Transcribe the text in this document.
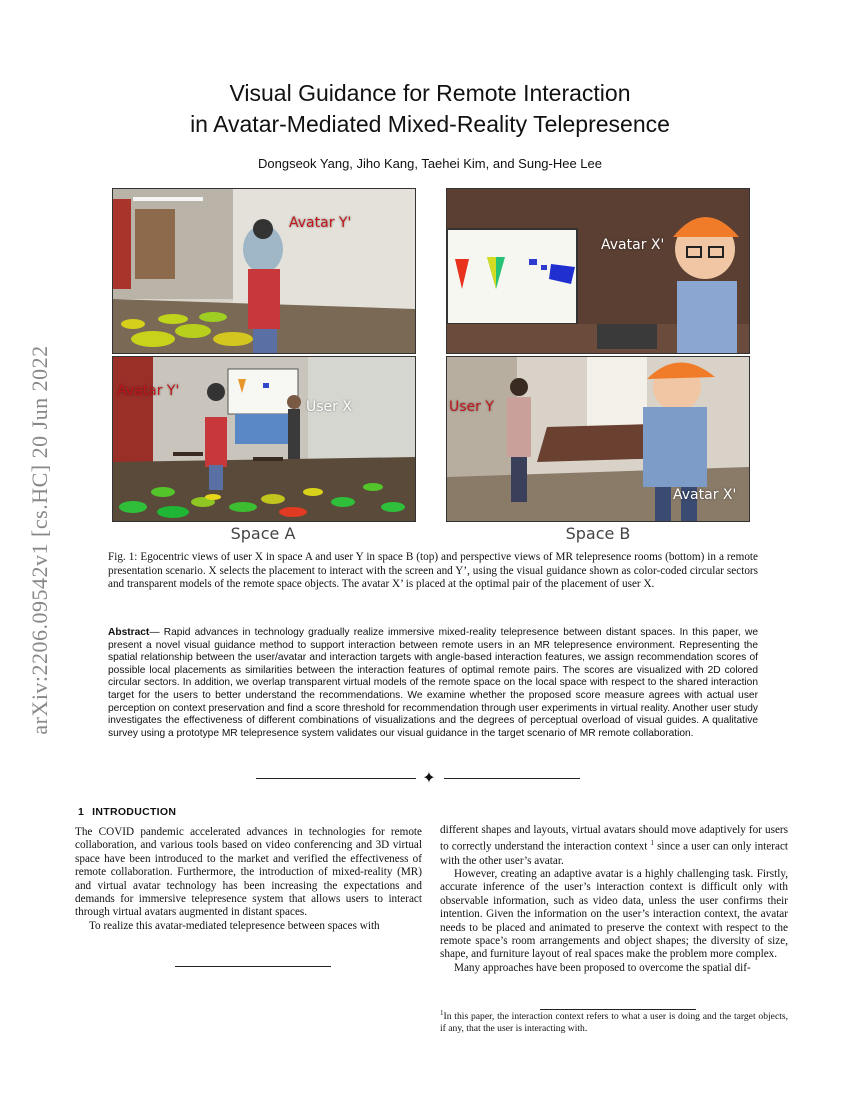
arXiv:2206.09542v1 [cs.HC] 20 Jun 2022
Visual Guidance for Remote Interaction
in Avatar-Mediated Mixed-Reality Telepresence
Dongseok Yang, Jiho Kang, Taehei Kim, and Sung-Hee Lee
Avatar Y'
Avatar X'
Avatar Y'
User X	User Y
Avatar X'
Space A	Space B
Fig. 1: Egocentric views of user X in space A and user Y in space B (top) and perspective views of MR telepresence rooms (bottom) in a remote presentation scenario. X selects the placement to interact with the screen and Y’, using the visual guidance shown as color-coded circular sectors and transparent models of the remote space objects. The avatar X’ is placed at the optimal pair of the placement of user X.
Abstract— Rapid advances in technology gradually realize immersive mixed-reality telepresence between distant spaces. In this paper, we present a novel visual guidance method to support interaction between remote users in an MR telepresence environment. Representing the spatial relationship between the user/avatar and interaction targets with angle-based interaction features, we assign recommendation scores of possible local placements as similarities between the interaction features of optimal remote pairs. The scores are visualized with 2D colored circular sectors. In addition, we overlap transparent virtual models of the remote space on the local space with respect to the shared interaction target for the users to better understand the recommendations. We examine whether the proposed score measure agrees with actual user perception on context preservation and find a score threshold for recommendation through user experiments in virtual reality. Another user study investigates the effectiveness of different combinations of visualizations and the degrees of perceptual overload of visual guides. A qualitative survey using a prototype MR telepresence system validates our visual guidance in the target scenario of MR remote collaboration.
✦
1 INTRODUCTION

The COVID pandemic accelerated advances in technologies for remote collaboration, and various tools based on video conferencing and 3D virtual space have been introduced to the market and verified the effectiveness of remote collaboration. Furthermore, the introduction of mixed-reality (MR) and virtual avatar technology has been increasing the expectations and demands for immersive telepresence system that allows users to interact through virtual avatars augmented in distant spaces.

To realize this avatar-mediated telepresence between spaces with

different shapes and layouts, virtual avatars should move adaptively for users to correctly understand the interaction context $^1$ since a user can only interact with the other user’s avatar.

However, creating an adaptive avatar is a highly challenging task. Firstly, accurate inference of the user’s interaction context is difficult only with observable information, such as video data, unless the user confirms their intention. Given the information on the user’s interaction context, the avatar needs to be placed and animated to preserve the context with respect to the remote space’s room arrangements and object shapes; the diversity of size, shape, and furniture layout of real spaces make the problem more complex.

Many approaches have been proposed to overcome the spatial dif-

$^1$In this paper, the interaction context refers to what a user is doing and the target objects, if any, that the user is interacting with.
